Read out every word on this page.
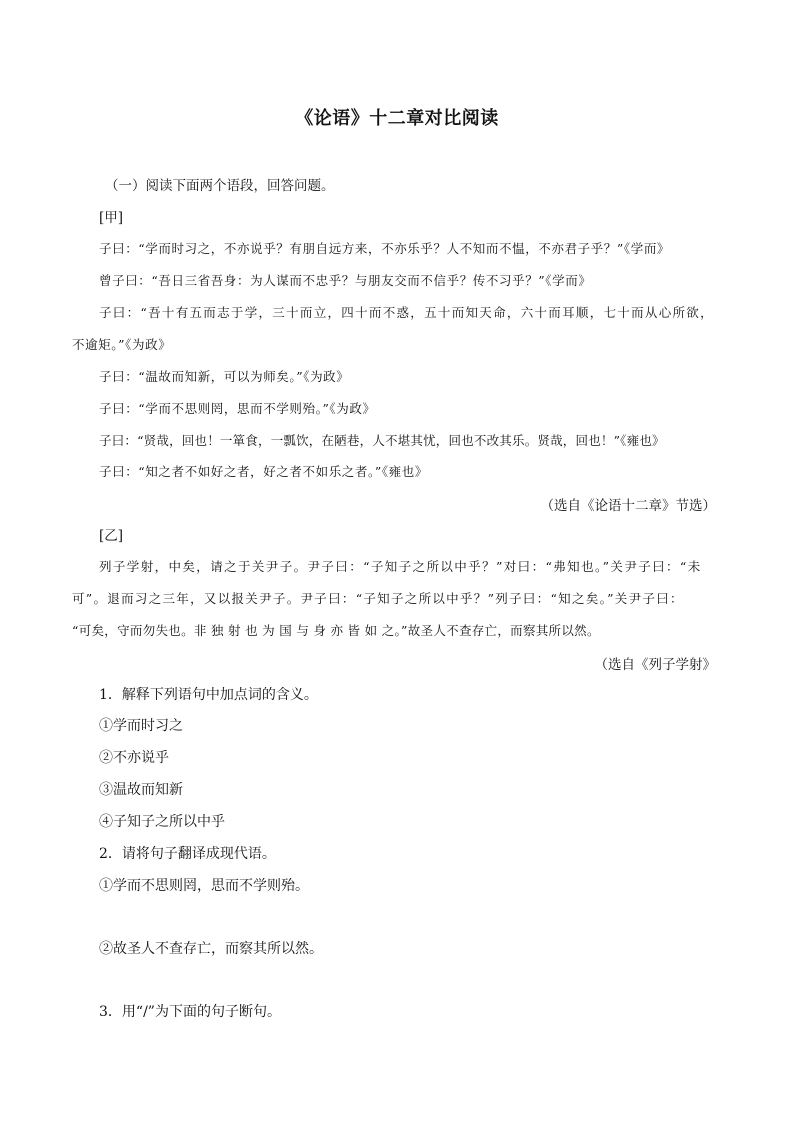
《论语》十二章对比阅读
（一）阅读下面两个语段，回答问题。
[甲]
子曰：“学而时习之，不亦说乎？有朋自远方来，不亦乐乎？人不知而不愠，不亦君子乎？”《学而》
曾子曰：“吾日三省吾身：为人谋而不忠乎？与朋友交而不信乎？传不习乎？”《学而》
子曰：“吾十有五而志于学，三十而立，四十而不惑，五十而知天命，六十而耳顺，七十而从心所欲，
不逾矩。”《为政》
子曰：“温故而知新，可以为师矣。”《为政》
子曰：“学而不思则罔，思而不学则殆。”《为政》
子曰：“贤哉，回也！一箪食，一瓢饮，在陋巷，人不堪其忧，回也不改其乐。贤哉，回也！”《雍也》
子曰：“知之者不如好之者，好之者不如乐之者。”《雍也》
（选自《论语十二章》节选）
[乙]
列子学射，中矣，请之于关尹子。尹子曰：“子知子之所以中乎？”对曰：“弗知也。”关尹子曰：“未
可”。退而习之三年，又以报关尹子。尹子曰：“子知子之所以中乎？”列子曰：“知之矣。”关尹子曰：
“可矣，守而勿失也。非 独 射 也 为 国 与 身 亦 皆 如 之。”故圣人不查存亡，而察其所以然。
（选自《列子学射》
1．解释下列语句中加点词的含义。
①学而时习之
②不亦说乎
③温故而知新
④子知子之所以中乎
2．请将句子翻译成现代语。
①学而不思则罔，思而不学则殆。
②故圣人不查存亡，而察其所以然。
3．用“/”为下面的句子断句。
